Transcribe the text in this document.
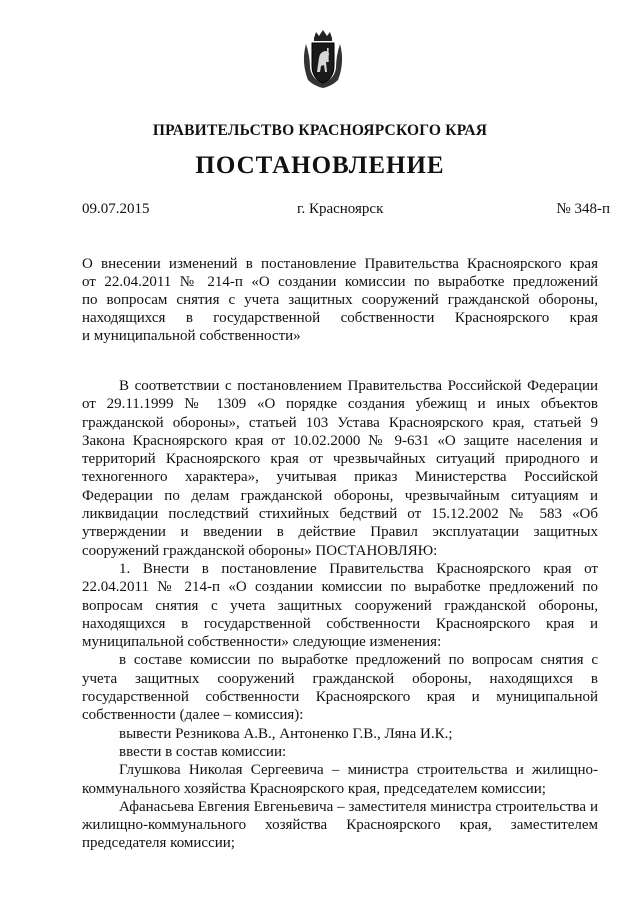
ПРАВИТЕЛЬСТВО КРАСНОЯРСКОГО КРАЯ
ПОСТАНОВЛЕНИЕ
09.07.2015	г. Красноярск	№ 348-п
О внесении изменений в постановление Правительства Красноярского края
от 22.04.2011 № 214-п «О создании комиссии по выработке предложений
по вопросам снятия с учета защитных сооружений гражданской обороны,
находящихся в государственной собственности Красноярского края
и муниципальной собственности»

В соответствии с постановлением Правительства Российской Федерации от 29.11.1999 № 1309 «О порядке создания убежищ и иных объектов гражданской обороны», статьей 103 Устава Красноярского края, статьей 9 Закона Красноярского края от 10.02.2000 № 9-631 «О защите населения и территорий Красноярского края от чрезвычайных ситуаций природного и техногенного характера», учитывая приказ Министерства Российской Федерации по делам гражданской обороны, чрезвычайным ситуациям и ликвидации последствий стихийных бедствий от 15.12.2002 № 583 «Об утверждении и введении в действие Правил эксплуатации защитных сооружений гражданской обороны» ПОСТАНОВЛЯЮ:

1. Внести в постановление Правительства Красноярского края от 22.04.2011 № 214-п «О создании комиссии по выработке предложений по вопросам снятия с учета защитных сооружений гражданской обороны, находящихся в государственной собственности Красноярского края и муниципальной собственности» следующие изменения:

в составе комиссии по выработке предложений по вопросам снятия с учета защитных сооружений гражданской обороны, находящихся в государственной собственности Красноярского края и муниципальной собственности (далее – комиссия):

вывести Резникова А.В., Антоненко Г.В., Ляна И.К.;

ввести в состав комиссии:

Глушкова Николая Сергеевича – министра строительства и жилищно-коммунального хозяйства Красноярского края, председателем комиссии;

Афанасьева Евгения Евгеньевича – заместителя министра строительства и жилищно-коммунального хозяйства Красноярского края, заместителем председателя комиссии;
